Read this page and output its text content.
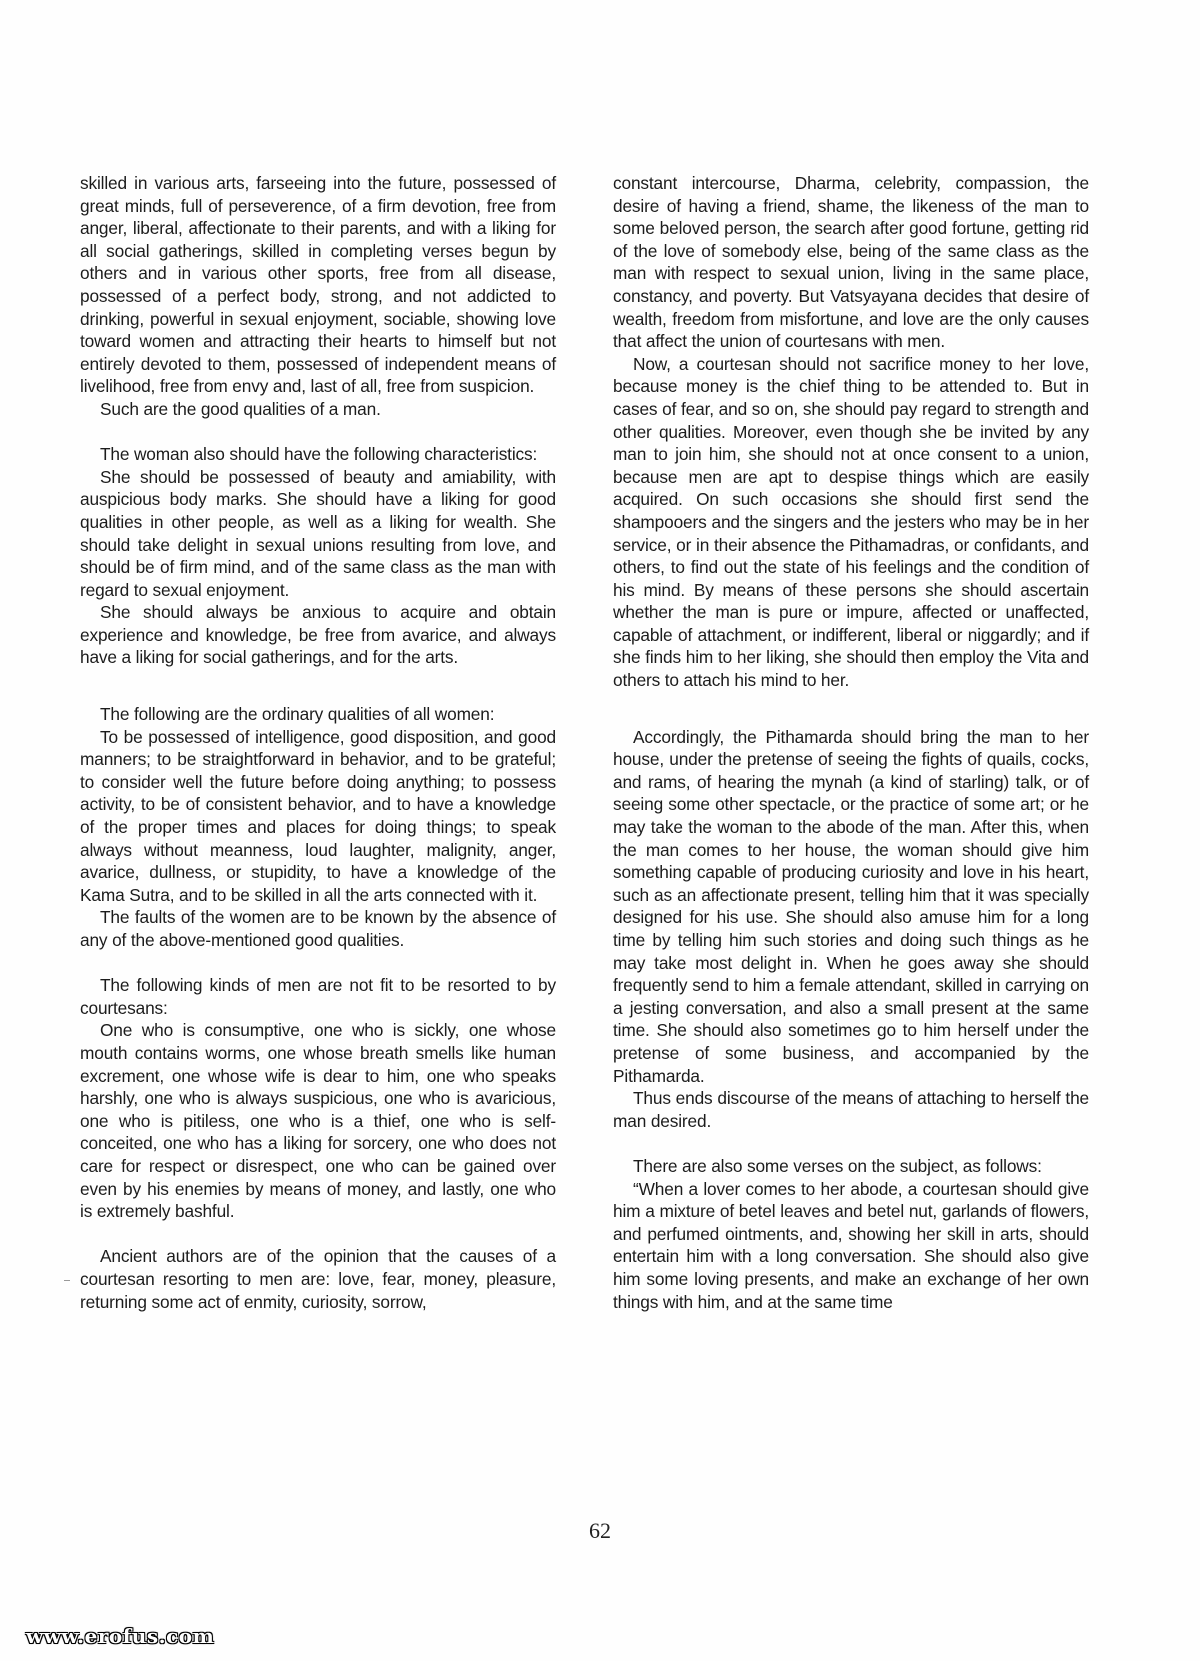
skilled in various arts, farseeing into the future, possessed of great minds, full of perseverence, of a firm devotion, free from anger, liberal, affectionate to their parents, and with a liking for all social gatherings, skilled in completing verses begun by others and in various other sports, free from all disease, possessed of a perfect body, strong, and not addicted to drinking, powerful in sexual enjoyment, sociable, showing love toward women and attracting their hearts to himself but not entirely devoted to them, possessed of independent means of livelihood, free from envy and, last of all, free from suspicion.

Such are the good qualities of a man.

The woman also should have the following characteristics:

She should be possessed of beauty and amiability, with auspicious body marks. She should have a liking for good qualities in other people, as well as a liking for wealth. She should take delight in sexual unions resulting from love, and should be of firm mind, and of the same class as the man with regard to sexual enjoyment.

She should always be anxious to acquire and obtain experience and knowledge, be free from avarice, and always have a liking for social gatherings, and for the arts.

The following are the ordinary qualities of all women:

To be possessed of intelligence, good disposition, and good manners; to be straightforward in behavior, and to be grateful; to consider well the future before doing anything; to possess activity, to be of consistent behavior, and to have a knowledge of the proper times and places for doing things; to speak always without meanness, loud laughter, malignity, anger, avarice, dullness, or stupidity, to have a knowledge of the Kama Sutra, and to be skilled in all the arts connected with it.

The faults of the women are to be known by the absence of any of the above-mentioned good qualities.

The following kinds of men are not fit to be resorted to by courtesans:

One who is consumptive, one who is sickly, one whose mouth contains worms, one whose breath smells like human excrement, one whose wife is dear to him, one who speaks harshly, one who is always suspicious, one who is avaricious, one who is pitiless, one who is a thief, one who is self-conceited, one who has a liking for sorcery, one who does not care for respect or disrespect, one who can be gained over even by his enemies by means of money, and lastly, one who is extremely bashful.

Ancient authors are of the opinion that the causes of a courtesan resorting to men are: love, fear, money, pleasure, returning some act of enmity, curiosity, sorrow,

constant intercourse, Dharma, celebrity, compassion, the desire of having a friend, shame, the likeness of the man to some beloved person, the search after good fortune, getting rid of the love of somebody else, being of the same class as the man with respect to sexual union, living in the same place, constancy, and poverty. But Vatsyayana decides that desire of wealth, freedom from misfortune, and love are the only causes that affect the union of courtesans with men.

Now, a courtesan should not sacrifice money to her love, because money is the chief thing to be attended to. But in cases of fear, and so on, she should pay regard to strength and other qualities. Moreover, even though she be invited by any man to join him, she should not at once consent to a union, because men are apt to despise things which are easily acquired. On such occasions she should first send the shampooers and the singers and the jesters who may be in her service, or in their absence the Pithamadras, or confidants, and others, to find out the state of his feelings and the condition of his mind. By means of these persons she should ascertain whether the man is pure or impure, affected or unaffected, capable of attachment, or indifferent, liberal or niggardly; and if she finds him to her liking, she should then employ the Vita and others to attach his mind to her.

Accordingly, the Pithamarda should bring the man to her house, under the pretense of seeing the fights of quails, cocks, and rams, of hearing the mynah (a kind of starling) talk, or of seeing some other spectacle, or the practice of some art; or he may take the woman to the abode of the man. After this, when the man comes to her house, the woman should give him something capable of producing curiosity and love in his heart, such as an affectionate present, telling him that it was specially designed for his use. She should also amuse him for a long time by telling him such stories and doing such things as he may take most delight in. When he goes away she should frequently send to him a female attendant, skilled in carrying on a jesting conversation, and also a small present at the same time. She should also sometimes go to him herself under the pretense of some business, and accompanied by the Pithamarda.

Thus ends discourse of the means of attaching to herself the man desired.

There are also some verses on the subject, as follows:

“When a lover comes to her abode, a courtesan should give him a mixture of betel leaves and betel nut, garlands of flowers, and perfumed ointments, and, showing her skill in arts, should entertain him with a long conversation. She should also give him some loving presents, and make an exchange of her own things with him, and at the same time

62
www.erofus.com
